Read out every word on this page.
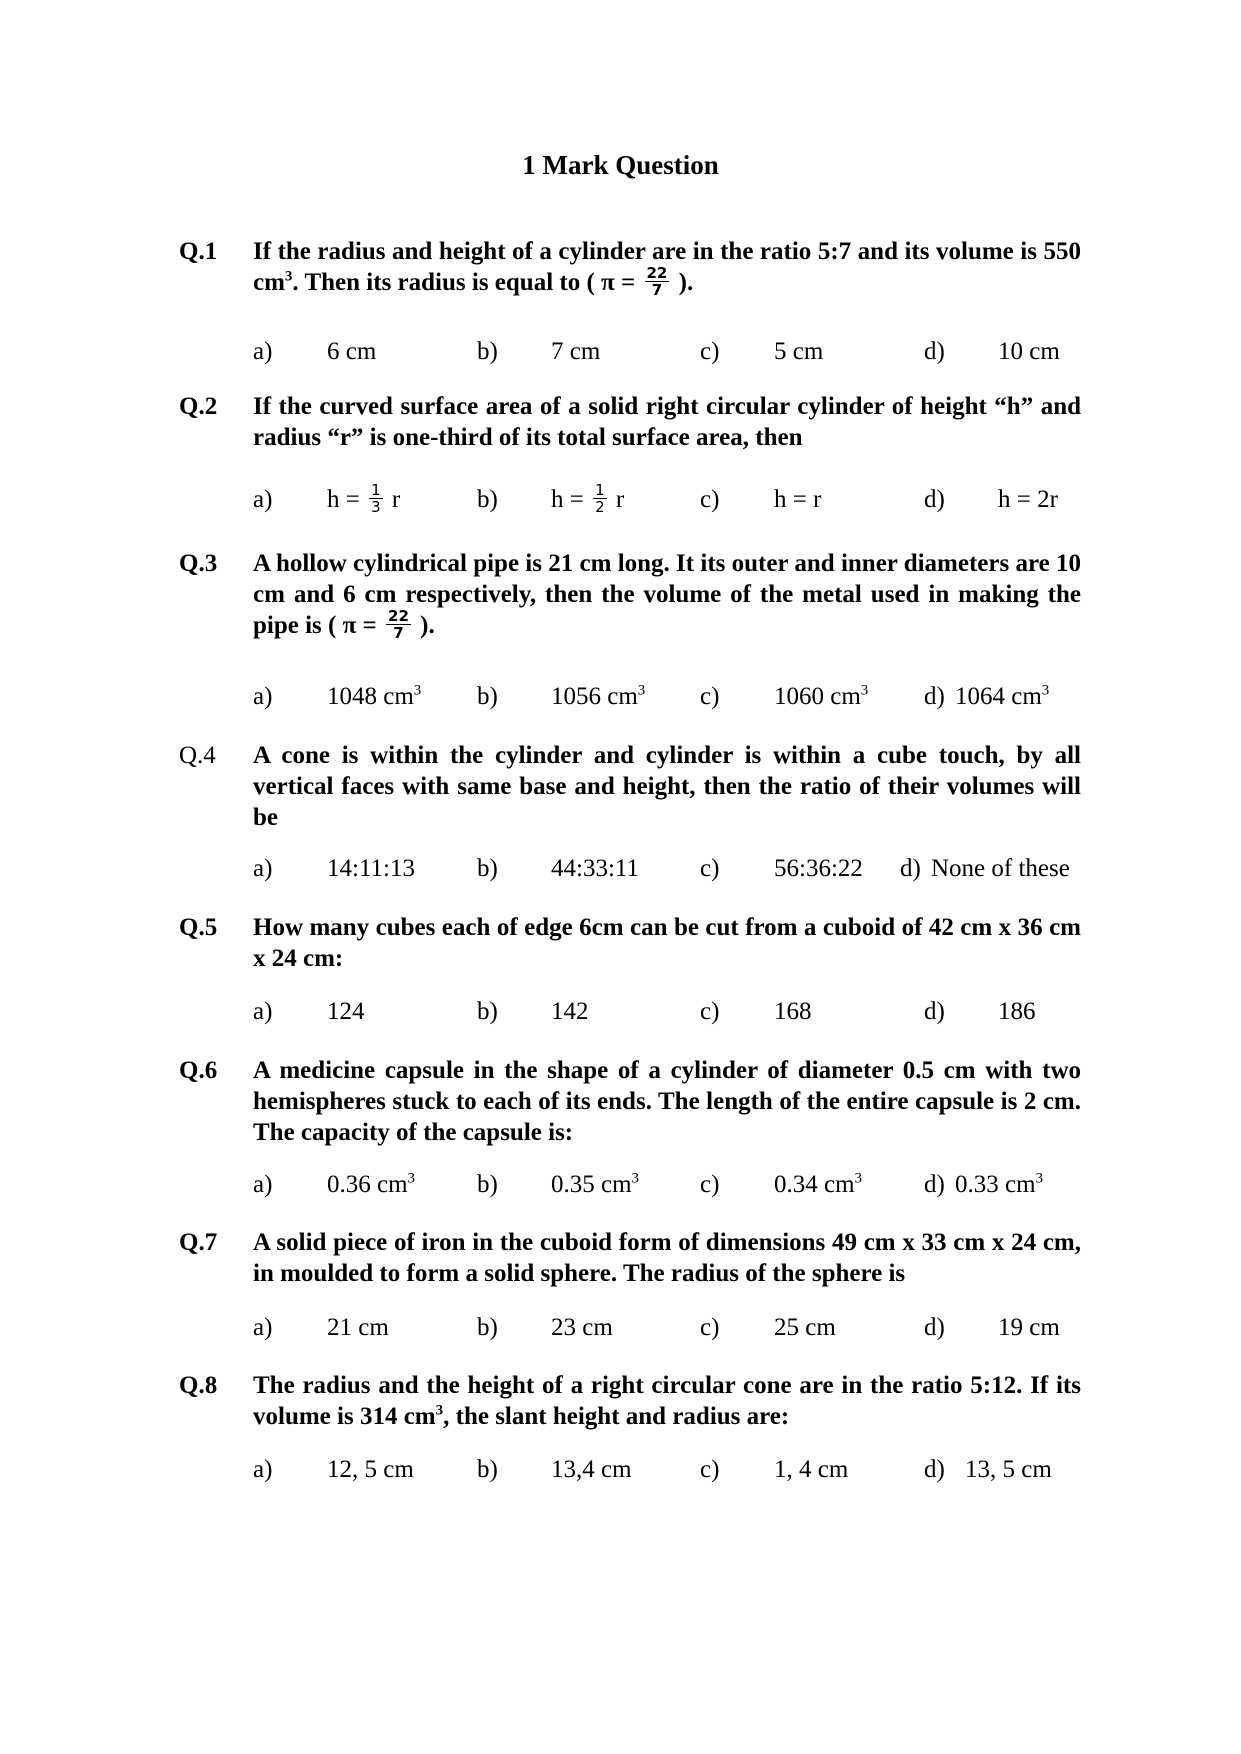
1 Mark Question
Q.1 If the radius and height of a cylinder are in the ratio 5:7 and its volume is 550 $cm^3$. Then its radius is equal to ( $\pi = \frac{22}{7}$ ).
a) 6 cm	b) 7 cm	c) 5 cm	d) 10 cm
Q.2 If the curved surface area of a solid right circular cylinder of height “h” and radius “r” is one-third of its total surface area, then
a) $h = \frac{1}{3}$ r	b) $h = \frac{1}{2}$ r	c) h = r	d) h = 2r
Q.3 A hollow cylindrical pipe is 21 cm long. It its outer and inner diameters are 10 cm and 6 cm respectively, then the volume of the metal used in making the pipe is ( $\pi = \frac{22}{7}$ ).
a) 1048 $cm^3$ b) 1056 $cm^3$ c) 1060 $cm^3$ d) 1064 $cm^3$
Q.4 A cone is within the cylinder and cylinder is within a cube touch, by all vertical faces with same base and height, then the ratio of their volumes will be
a) 14:11:13 b) 44:33:11 c) 56:36:22 d) None of these
Q.5 How many cubes each of edge 6cm can be cut from a cuboid of 42 cm x 36 cm x 24 cm:
a) 124	b) 142	c) 168	d) 186
Q.6 A medicine capsule in the shape of a cylinder of diameter 0.5 cm with two hemispheres stuck to each of its ends. The length of the entire capsule is 2 cm. The capacity of the capsule is:
a) 0.36 $cm^3$ b) 0.35 $cm^3$ c) 0.34 $cm^3$ d) 0.33 $cm^3$
Q.7 A solid piece of iron in the cuboid form of dimensions 49 cm x 33 cm x 24 cm, in moulded to form a solid sphere. The radius of the sphere is
a) 21 cm	b) 23 cm	c) 25 cm	d) 19 cm
Q.8 The radius and the height of a right circular cone are in the ratio 5:12. If its volume is 314 $cm^3$, the slant height and radius are:
a) 12, 5 cm	b) 13,4 cm	c) 1, 4 cm	d) 13, 5 cm
